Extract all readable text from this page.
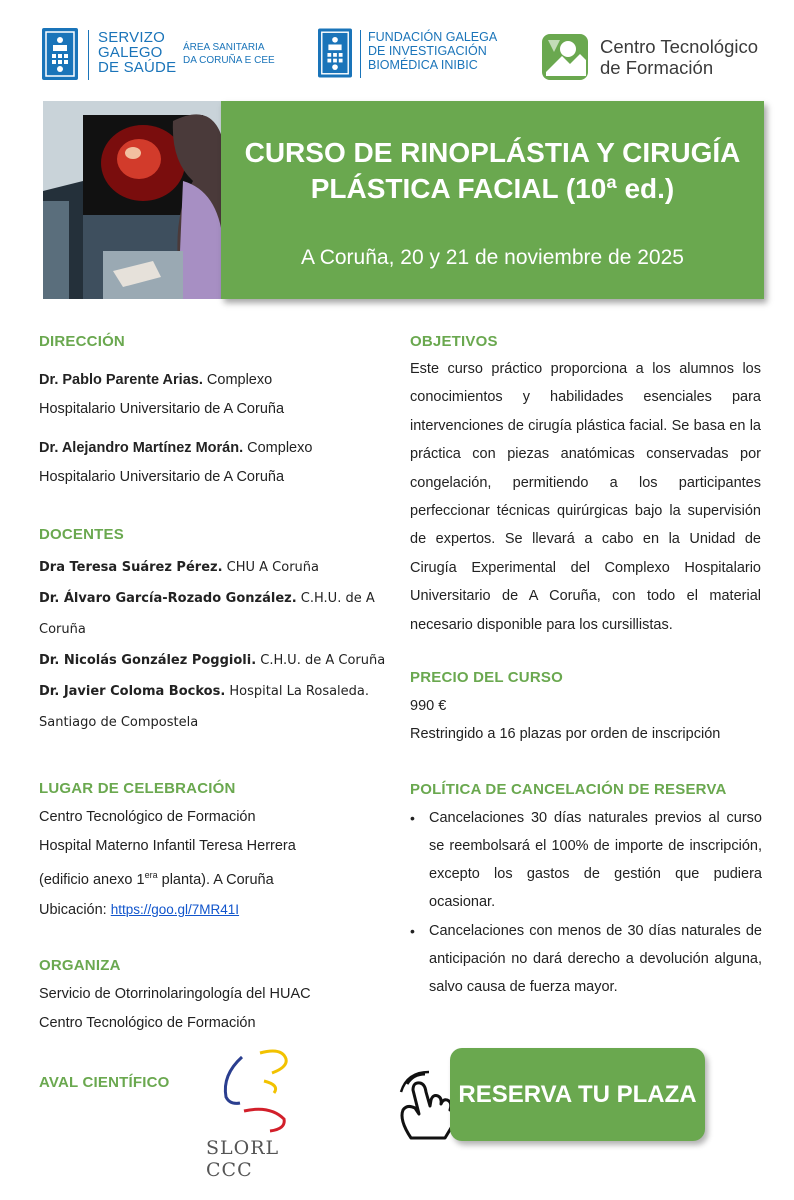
SERVIZO
GALEGO
DE SAÚDE
ÁREA SANITARIA
DA CORUÑA E CEE
FUNDACIÓN GALEGA
DE INVESTIGACIÓN
BIOMÉDICA INIBIC
Centro Tecnológico
de Formación
CURSO DE RINOPLÁSTIA Y CIRUGÍA
PLÁSTICA FACIAL (10ª ed.)
A Coruña, 20 y 21 de noviembre de 2025
DIRECCIÓN
Dr. Pablo Parente Arias. Complexo
Hospitalario Universitario de A Coruña
Dr. Alejandro Martínez Morán. Complexo
Hospitalario Universitario de A Coruña
DOCENTES
Dra Teresa Suárez Pérez. CHU A Coruña
Dr. Álvaro García-Rozado González. C.H.U. de A
Coruña
Dr. Nicolás González Poggioli. C.H.U. de A Coruña
Dr. Javier Coloma Bockos. Hospital La Rosaleda.
Santiago de Compostela
LUGAR DE CELEBRACIÓN
Centro Tecnológico de Formación
Hospital Materno Infantil Teresa Herrera
(edificio anexo $1^{era}$ planta). A Coruña
Ubicación: https://goo.gl/7MR41I
ORGANIZA
Servicio de Otorrinolaringología del HUAC
Centro Tecnológico de Formación
AVAL CIENTÍFICO
SLORL CCC
OBJETIVOS
Este curso práctico proporciona a los alumnos los conocimientos y habilidades esenciales para intervenciones de cirugía plástica facial. Se basa en la práctica con piezas anatómicas conservadas por congelación, permitiendo a los participantes perfeccionar técnicas quirúrgicas bajo la supervisión de expertos. Se llevará a cabo en la Unidad de Cirugía Experimental del Complexo Hospitalario Universitario de A Coruña, con todo el material necesario disponible para los cursillistas.
PRECIO DEL CURSO
990 €
Restringido a 16 plazas por orden de inscripción
POLÍTICA DE CANCELACIÓN DE RESERVA
• Cancelaciones 30 días naturales previos al curso se reembolsará el 100% de importe de inscripción, excepto los gastos de gestión que pudiera ocasionar.
• Cancelaciones con menos de 30 días naturales de anticipación no dará derecho a devolución alguna, salvo causa de fuerza mayor.
RESERVA TU PLAZA
